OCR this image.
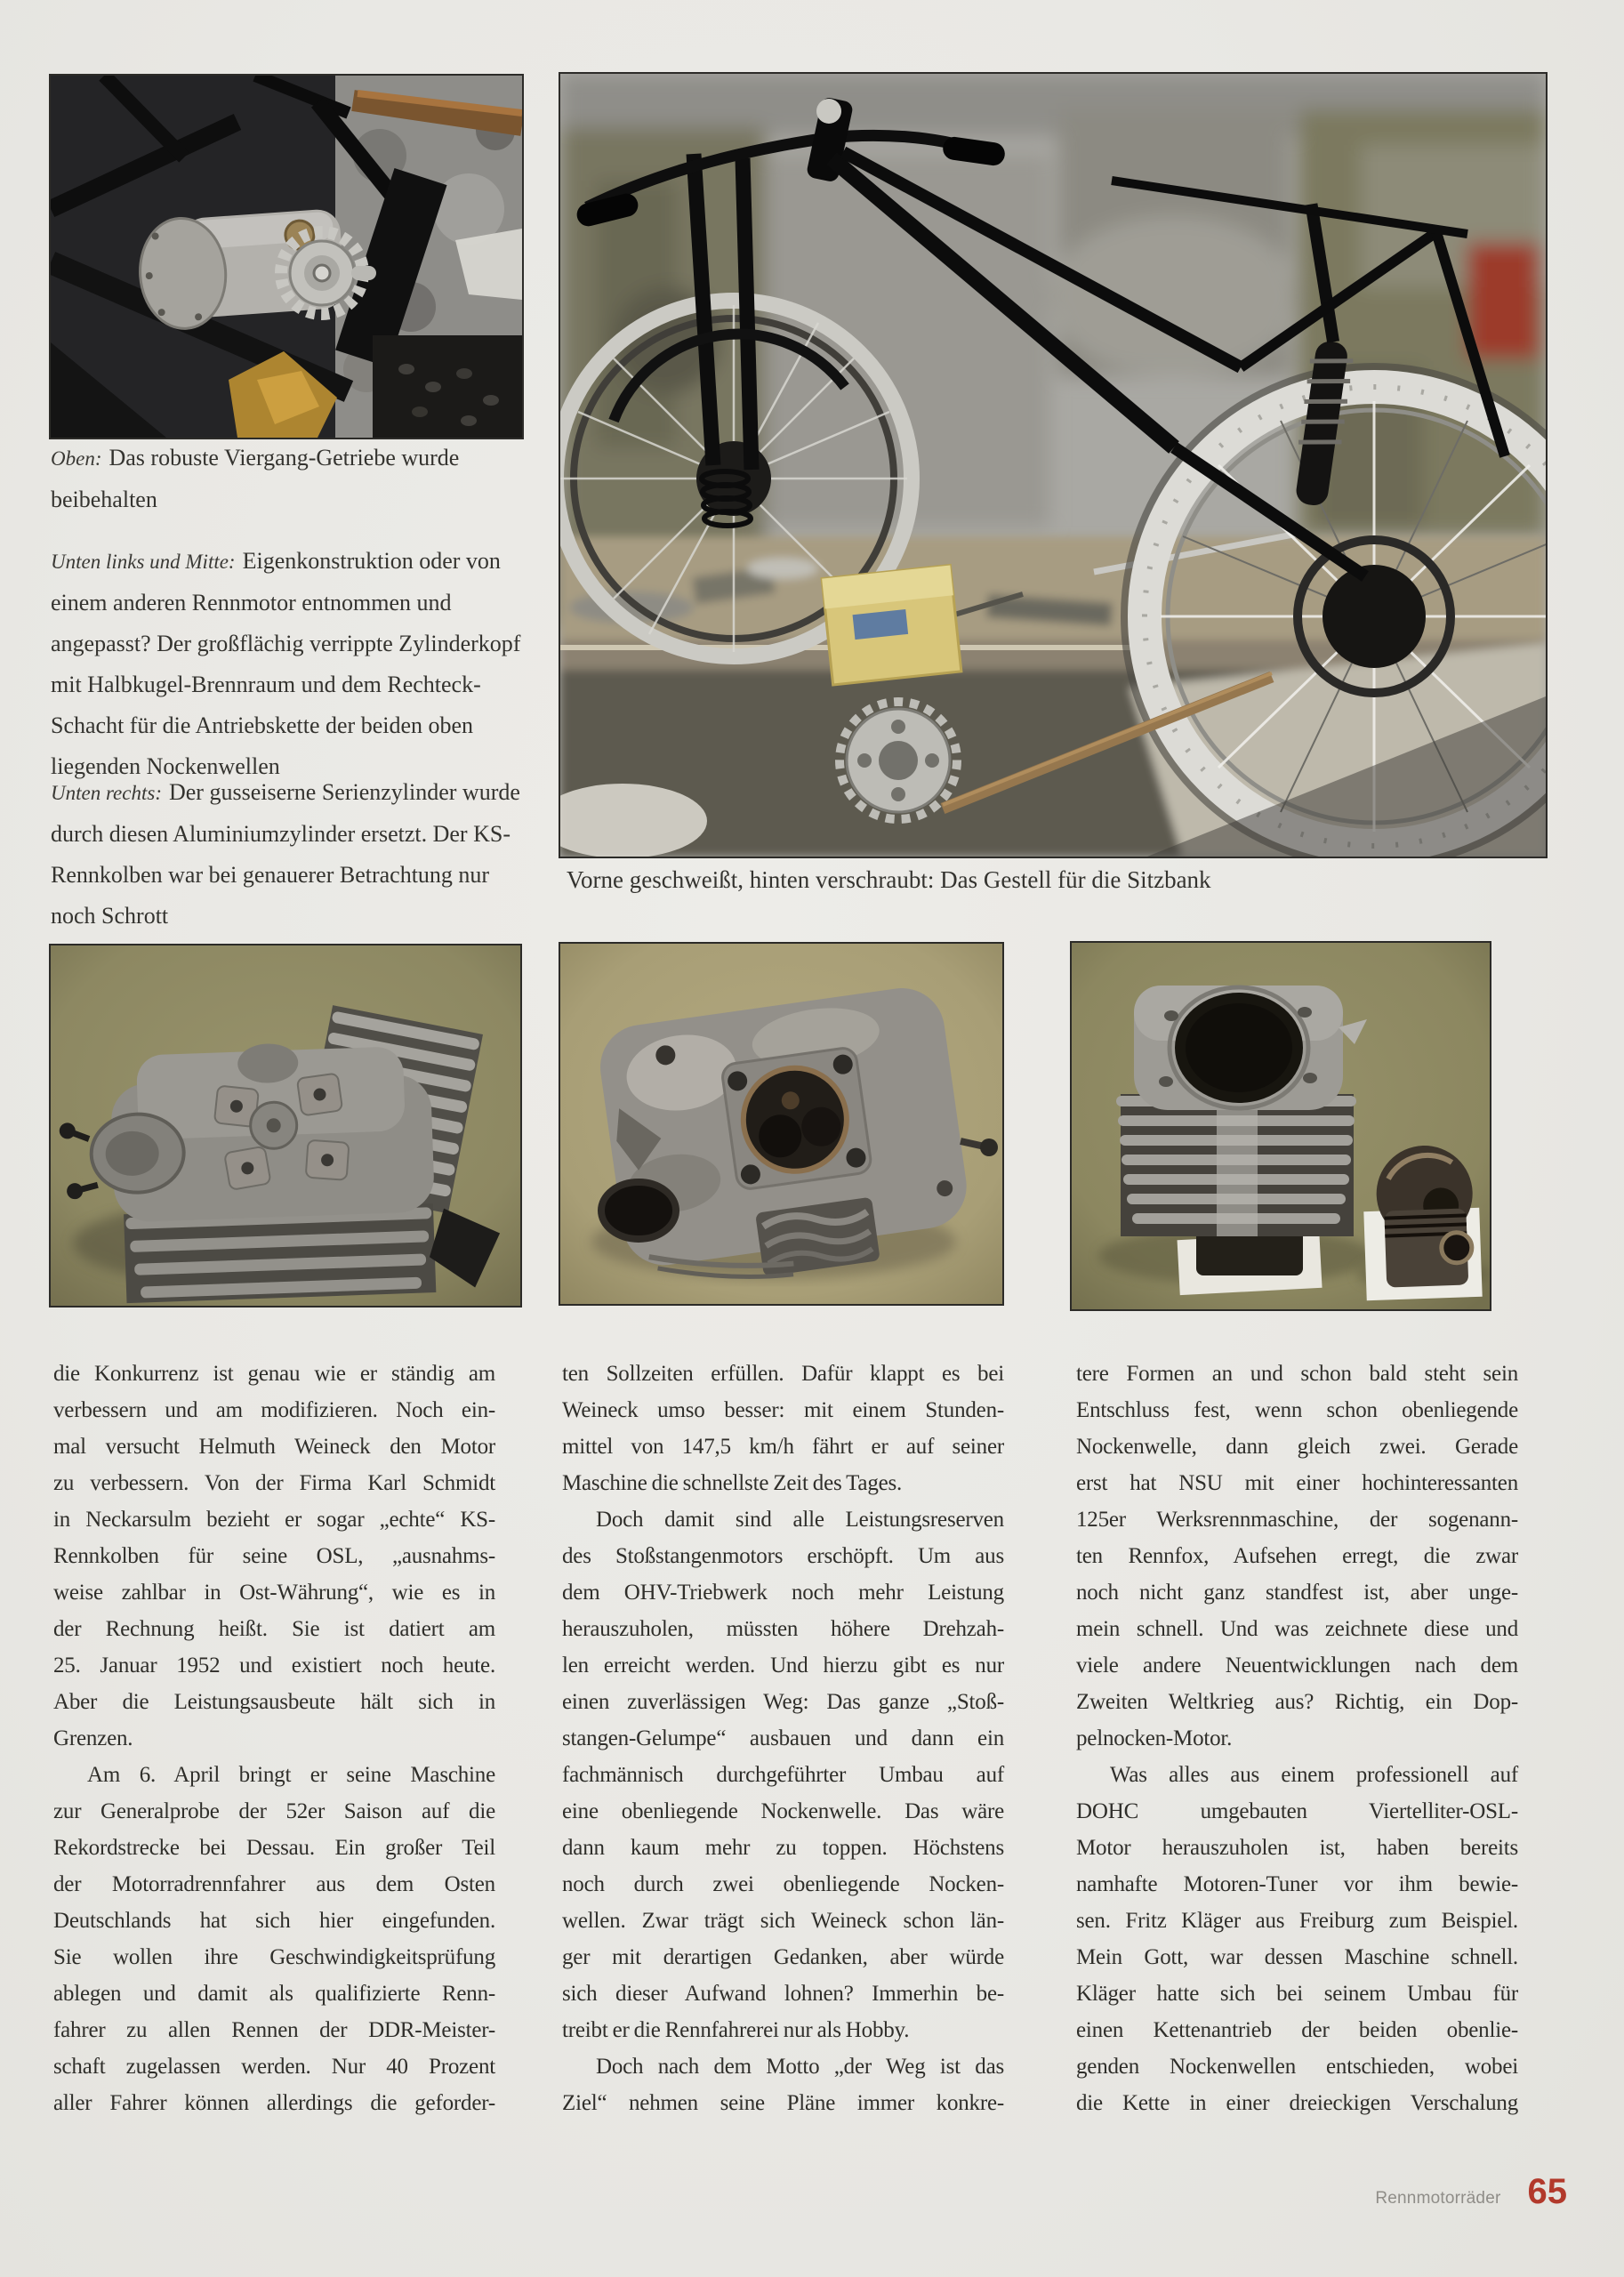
Oben: Das robuste Viergang-Getriebe wurde beibehalten

Unten links und Mitte: Eigenkonstruktion oder von einem anderen Rennmotor entnommen und angepasst? Der großflächig verrippte Zylinderkopf mit Halbkugel-Brennraum und dem Rechteck-Schacht für die Antriebskette der beiden oben liegenden Nockenwellen

Unten rechts: Der gusseiserne Serienzylinder wurde durch diesen Aluminiumzylinder ersetzt. Der KS-Rennkolben war bei genauerer Betrachtung nur noch Schrott

Vorne geschweißt, hinten verschraubt: Das Gestell für die Sitzbank

die Konkurrenz ist genau wie er ständig am
verbessern und am modifizieren. Noch ein-
mal versucht Helmuth Weineck den Motor
zu verbessern. Von der Firma Karl Schmidt
in Neckarsulm bezieht er sogar „echte“ KS-
Rennkolben für seine OSL, „ausnahms-
weise zahlbar in Ost-Währung“, wie es in
der Rechnung heißt. Sie ist datiert am
25. Januar 1952 und existiert noch heute.
Aber die Leistungsausbeute hält sich in
Grenzen.
Am 6. April bringt er seine Maschine
zur Generalprobe der 52er Saison auf die
Rekordstrecke bei Dessau. Ein großer Teil
der Motorradrennfahrer aus dem Osten
Deutschlands hat sich hier eingefunden.
Sie wollen ihre Geschwindigkeitsprüfung
ablegen und damit als qualifizierte Renn-
fahrer zu allen Rennen der DDR-Meister-
schaft zugelassen werden. Nur 40 Prozent
aller Fahrer können allerdings die geforder-
ten Sollzeiten erfüllen. Dafür klappt es bei
Weineck umso besser: mit einem Stunden-
mittel von 147,5 km/h fährt er auf seiner
Maschine die schnellste Zeit des Tages.
Doch damit sind alle Leistungsreserven
des Stoßstangenmotors erschöpft. Um aus
dem OHV-Triebwerk noch mehr Leistung
herauszuholen, müssten höhere Drehzah-
len erreicht werden. Und hierzu gibt es nur
einen zuverlässigen Weg: Das ganze „Stoß-
stangen-Gelumpe“ ausbauen und dann ein
fachmännisch durchgeführter Umbau auf
eine obenliegende Nockenwelle. Das wäre
dann kaum mehr zu toppen. Höchstens
noch durch zwei obenliegende Nocken-
wellen. Zwar trägt sich Weineck schon län-
ger mit derartigen Gedanken, aber würde
sich dieser Aufwand lohnen? Immerhin be-
treibt er die Rennfahrerei nur als Hobby.
Doch nach dem Motto „der Weg ist das
Ziel“ nehmen seine Pläne immer konkre-
tere Formen an und schon bald steht sein
Entschluss fest, wenn schon obenliegende
Nockenwelle, dann gleich zwei. Gerade
erst hat NSU mit einer hochinteressanten
125er Werksrennmaschine, der sogenann-
ten Rennfox, Aufsehen erregt, die zwar
noch nicht ganz standfest ist, aber unge-
mein schnell. Und was zeichnete diese und
viele andere Neuentwicklungen nach dem
Zweiten Weltkrieg aus? Richtig, ein Dop-
pelnocken-Motor.
Was alles aus einem professionell auf
DOHC umgebauten Viertelliter-OSL-
Motor herauszuholen ist, haben bereits
namhafte Motoren-Tuner vor ihm bewie-
sen. Fritz Kläger aus Freiburg zum Beispiel.
Mein Gott, war dessen Maschine schnell.
Kläger hatte sich bei seinem Umbau für
einen Kettenantrieb der beiden obenlie-
genden Nockenwellen entschieden, wobei
die Kette in einer dreieckigen Verschalung
Rennmotorräder 65
